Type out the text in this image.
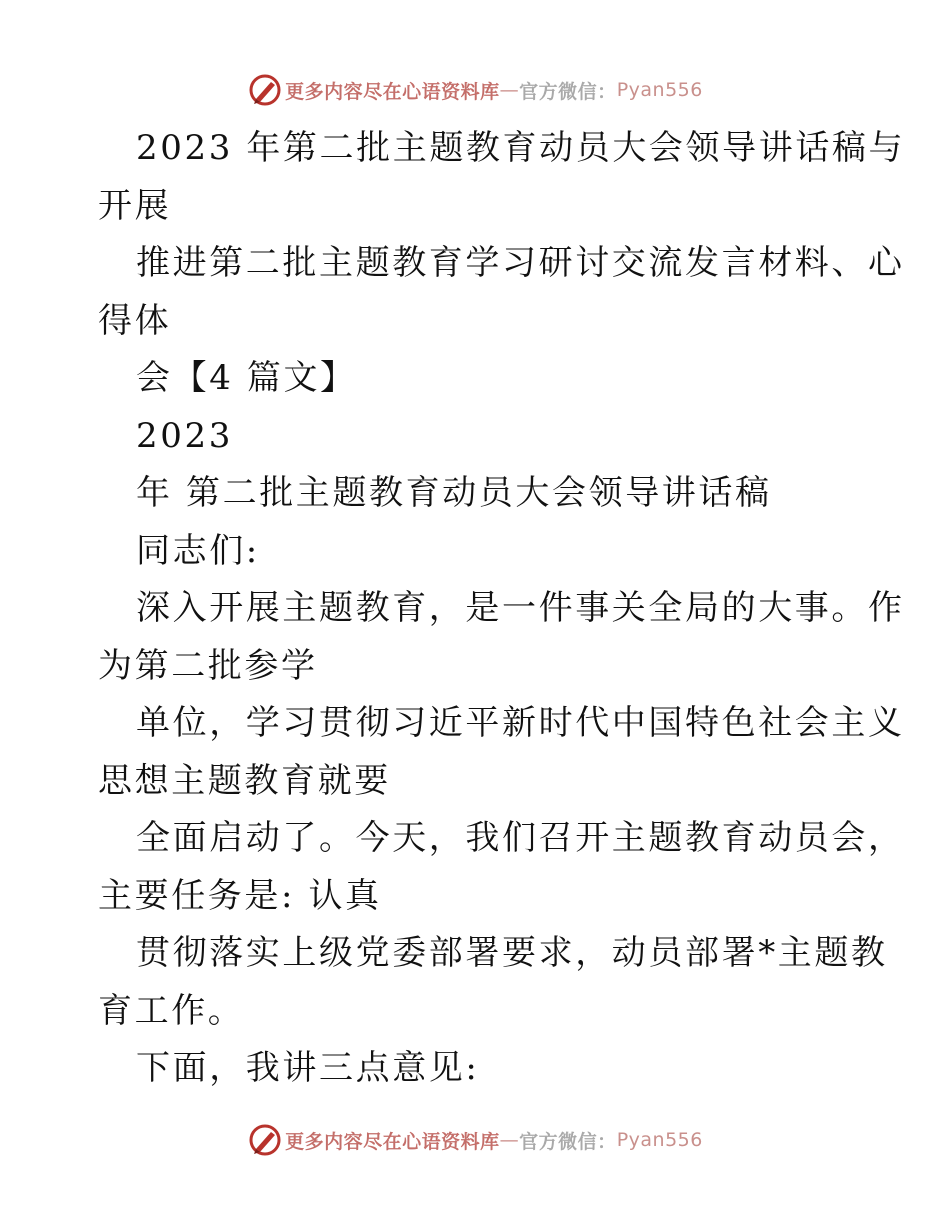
更多内容尽在心语资料库 — 官方微信： Pyan556
2023 年第二批主题教育动员大会领导讲话稿与
开展
推进第二批主题教育学习研讨交流发言材料、心
得体
会【4 篇文】
2023
年 第二批主题教育动员大会领导讲话稿
同志们:
深入开展主题教育，是一件事关全局的大事。作
为第二批参学
单位，学习贯彻习近平新时代中国特色社会主义
思想主题教育就要
全面启动了。今天，我们召开主题教育动员会，
主要任务是: 认真
贯彻落实上级党委部署要求，动员部署*主题教
育工作。
下面，我讲三点意见:
更多内容尽在心语资料库 — 官方微信： Pyan556
